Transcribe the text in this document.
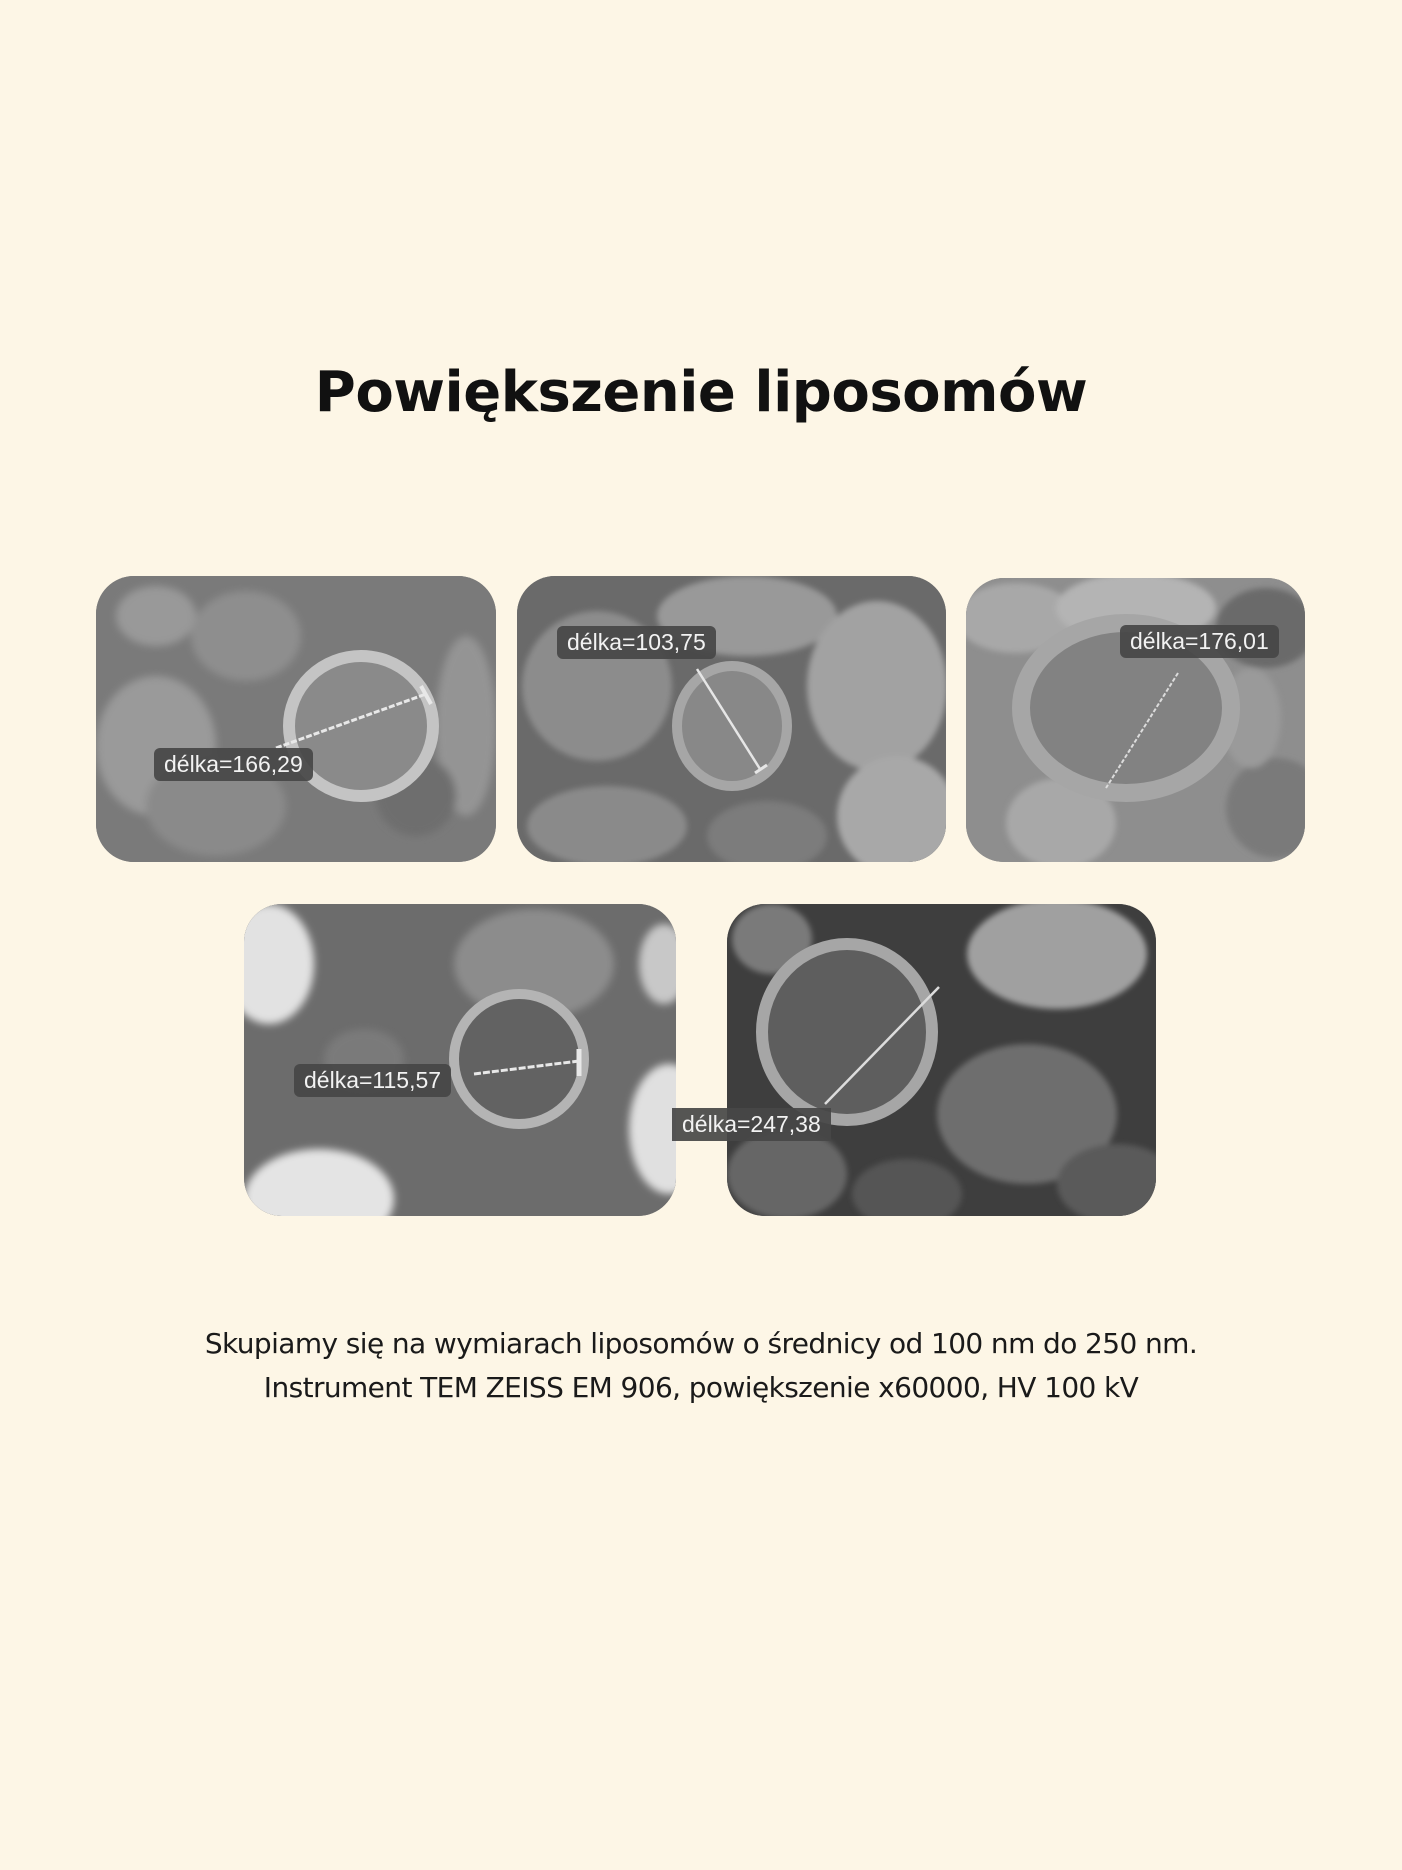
Powiększenie liposomów
délka=166,29
délka=103,75	délka=176,01
délka=115,57
délka=247,38

Skupiamy się na wymiarach liposomów o średnicy od 100 nm do 250 nm.

Instrument TEM ZEISS EM 906, powiększenie x60000, HV 100 kV
